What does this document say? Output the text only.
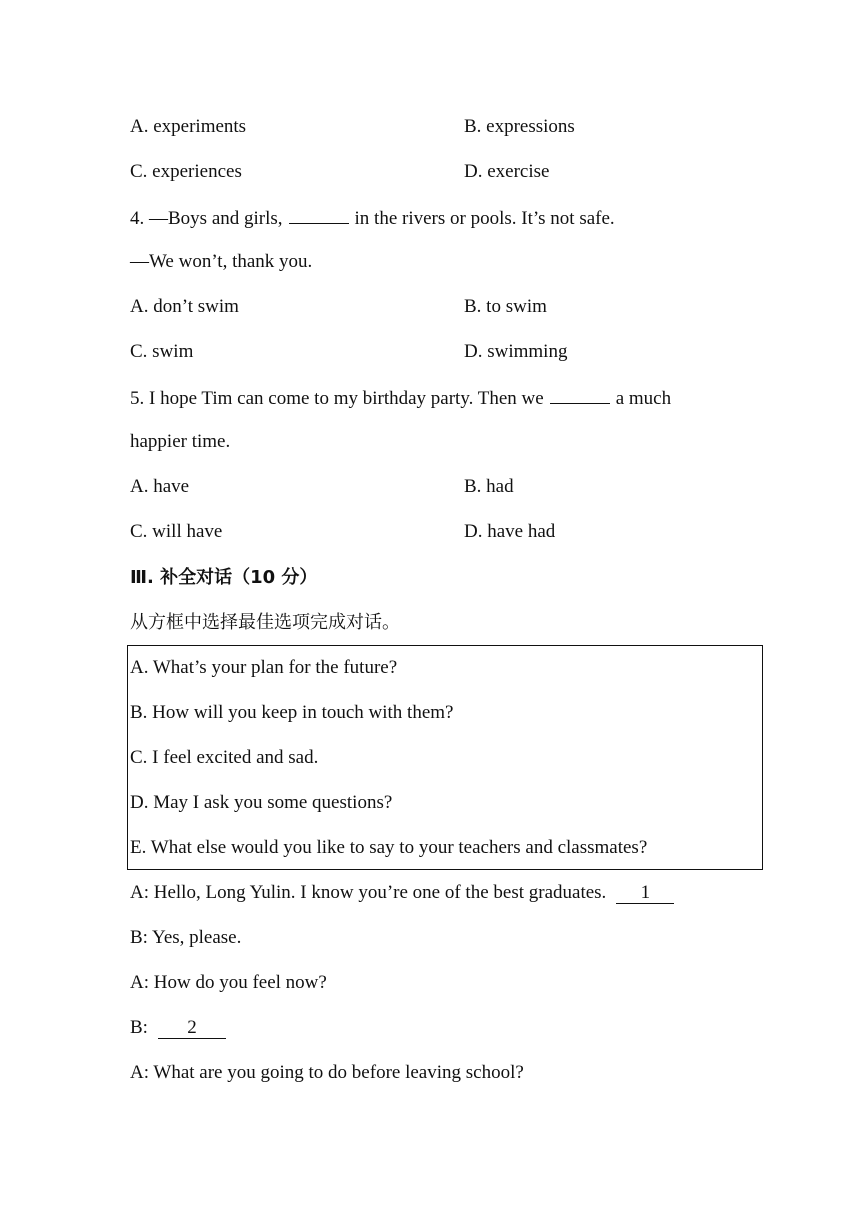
A. experiments	B. expressions
C. experiences	D. exercise
4. —Boys and girls,	in the rivers or pools. It’s not safe.
—We won’t, thank you.
A. don’t swim	B. to swim
C. swim	D. swimming
5. I hope Tim can come to my birthday party. Then we	a much
happier time.
A. have	B. had
C. will have	D. have had
Ⅲ. 补全对话（10 分）
从方框中选择最佳选项完成对话。
A. What’s your plan for the future?
B. How will you keep in touch with them?
C. I feel excited and sad.
D. May I ask you some questions?
E. What else would you like to say to your teachers and classmates?
A: Hello, Long Yulin. I know you’re one of the best graduates. 1
B: Yes, please.
A: How do you feel now?
B: 2
A: What are you going to do before leaving school?
